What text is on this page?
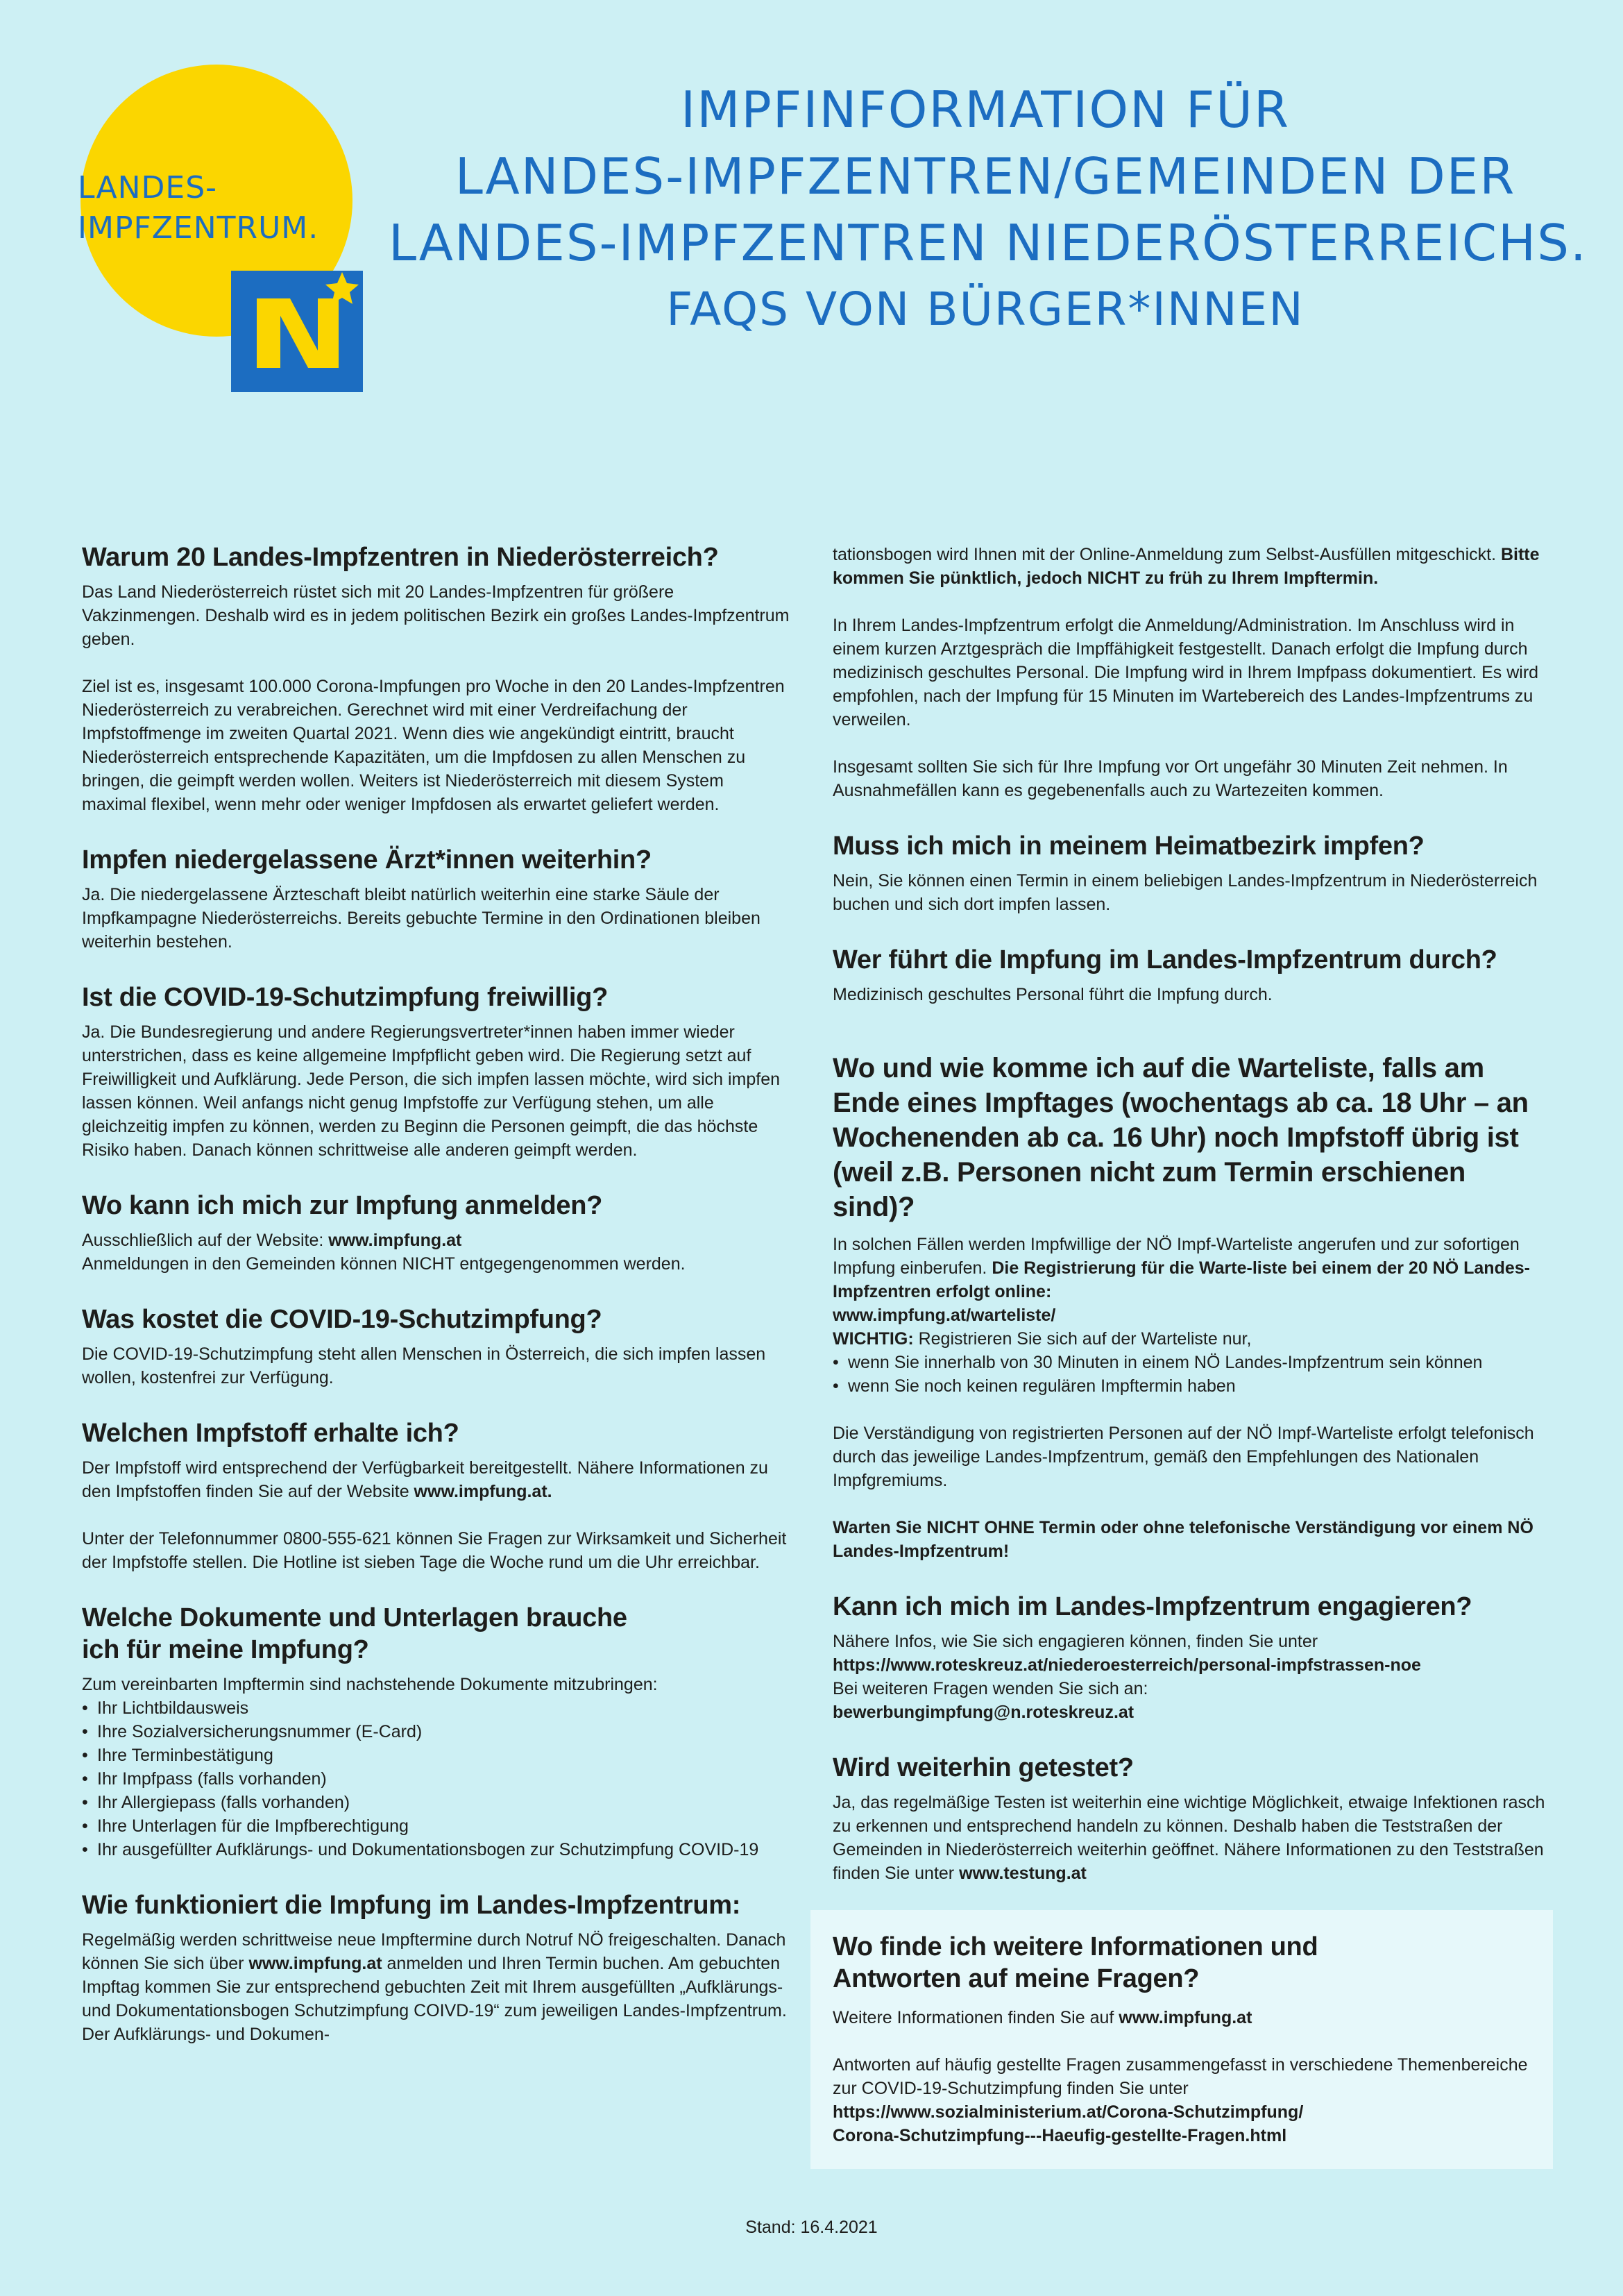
LANDES-
IMPFZENTRUM.
IMPFINFORMATION FÜR
LANDES-IMPFZENTREN/GEMEINDEN DER
LANDES-IMPFZENTREN NIEDERÖSTERREICHS.
FAQS VON BÜRGER*INNEN
Warum 20 Landes-Impfzentren in Niederösterreich?

Das Land Niederösterreich rüstet sich mit 20 Landes-Impfzentren für größere Vakzinmengen. Deshalb wird es in jedem politischen Bezirk ein großes Landes-Impfzentrum geben.

Ziel ist es, insgesamt 100.000 Corona-Impfungen pro Woche in den 20 Landes-Impfzentren Niederösterreich zu verabreichen. Gerechnet wird mit einer Verdreifachung der Impfstoffmenge im zweiten Quartal 2021. Wenn dies wie angekündigt eintritt, braucht Niederösterreich entsprechende Kapazitäten, um die Impfdosen zu allen Menschen zu bringen, die geimpft werden wollen. Weiters ist Niederösterreich mit diesem System maximal flexibel, wenn mehr oder weniger Impfdosen als erwartet geliefert werden.

Impfen niedergelassene Ärzt*innen weiterhin?

Ja. Die niedergelassene Ärzteschaft bleibt natürlich weiterhin eine starke Säule der Impfkampagne Niederösterreichs. Bereits gebuchte Termine in den Ordinationen bleiben weiterhin bestehen.

Ist die COVID-19-Schutzimpfung freiwillig?

Ja. Die Bundesregierung und andere Regierungsvertreter*innen haben immer wieder unterstrichen, dass es keine allgemeine Impfpflicht geben wird. Die Regierung setzt auf Freiwilligkeit und Aufklärung. Jede Person, die sich impfen lassen möchte, wird sich impfen lassen können. Weil anfangs nicht genug Impfstoffe zur Verfügung stehen, um alle gleichzeitig impfen zu können, werden zu Beginn die Personen geimpft, die das höchste Risiko haben. Danach können schrittweise alle anderen geimpft werden.

Wo kann ich mich zur Impfung anmelden?

Ausschließlich auf der Website: www.impfung.at

Anmeldungen in den Gemeinden können NICHT entgegengenommen werden.

Was kostet die COVID-19-Schutzimpfung?

Die COVID-19-Schutzimpfung steht allen Menschen in Österreich, die sich impfen lassen wollen, kostenfrei zur Verfügung.

Welchen Impfstoff erhalte ich?

Der Impfstoff wird entsprechend der Verfügbarkeit bereitgestellt. Nähere Informationen zu den Impfstoffen finden Sie auf der Website www.impfung.at.

Unter der Telefonnummer 0800-555-621 können Sie Fragen zur Wirksamkeit und Sicherheit der Impfstoffe stellen. Die Hotline ist sieben Tage die Woche rund um die Uhr erreichbar.

Welche Dokumente und Unterlagen brauche
ich für meine Impfung?

Zum vereinbarten Impftermin sind nachstehende Dokumente mitzubringen:

• Ihr Lichtbildausweis
• Ihre Sozialversicherungsnummer (E-Card)
• Ihre Terminbestätigung
• Ihr Impfpass (falls vorhanden)
• Ihr Allergiepass (falls vorhanden)
• Ihre Unterlagen für die Impfberechtigung
• Ihr ausgefüllter Aufklärungs- und Dokumentationsbogen zur Schutzimpfung COVID-19
Wie funktioniert die Impfung im Landes-Impfzentrum:

Regelmäßig werden schrittweise neue Impftermine durch Notruf NÖ freigeschalten. Danach können Sie sich über www.impfung.at anmelden und Ihren Termin buchen. Am gebuchten Impftag kommen Sie zur entsprechend gebuchten Zeit mit Ihrem ausgefüllten „Aufklärungs- und Dokumentationsbogen Schutzimpfung COIVD-19“ zum jeweiligen Landes-Impfzentrum. Der Aufklärungs- und Dokumen-

tationsbogen wird Ihnen mit der Online-Anmeldung zum Selbst-Ausfüllen mitgeschickt. Bitte kommen Sie pünktlich, jedoch NICHT zu früh zu Ihrem Impftermin.

In Ihrem Landes-Impfzentrum erfolgt die Anmeldung/Administration. Im Anschluss wird in einem kurzen Arztgespräch die Impffähigkeit festgestellt. Danach erfolgt die Impfung durch medizinisch geschultes Personal. Die Impfung wird in Ihrem Impfpass dokumentiert. Es wird empfohlen, nach der Impfung für 15 Minuten im Wartebereich des Landes-Impfzentrums zu verweilen.

Insgesamt sollten Sie sich für Ihre Impfung vor Ort ungefähr 30 Minuten Zeit nehmen. In Ausnahmefällen kann es gegebenenfalls auch zu Wartezeiten kommen.

Muss ich mich in meinem Heimatbezirk impfen?

Nein, Sie können einen Termin in einem beliebigen Landes-Impfzentrum in Niederösterreich buchen und sich dort impfen lassen.

Wer führt die Impfung im Landes-Impfzentrum durch?

Medizinisch geschultes Personal führt die Impfung durch.

Wo und wie komme ich auf die Warteliste, falls am Ende eines Impftages (wochentags ab ca. 18 Uhr – an Wochenenden ab ca. 16 Uhr) noch Impfstoff übrig ist (weil z.B. Personen nicht zum Termin erschienen sind)?

In solchen Fällen werden Impfwillige der NÖ Impf-Warteliste angerufen und zur sofortigen Impfung einberufen. Die Registrierung für die Warte-liste bei einem der 20 NÖ Landes-Impfzentren erfolgt online:

www.impfung.at/warteliste/

WICHTIG: Registrieren Sie sich auf der Warteliste nur,

• wenn Sie innerhalb von 30 Minuten in einem NÖ Landes-Impfzentrum sein können
• wenn Sie noch keinen regulären Impftermin haben

Die Verständigung von registrierten Personen auf der NÖ Impf-Warteliste erfolgt telefonisch durch das jeweilige Landes-Impfzentrum, gemäß den Empfehlungen des Nationalen Impfgremiums.

Warten Sie NICHT OHNE Termin oder ohne telefonische Verständigung vor einem NÖ Landes-Impfzentrum!

Kann ich mich im Landes-Impfzentrum engagieren?

Nähere Infos, wie Sie sich engagieren können, finden Sie unter

https://www.roteskreuz.at/niederoesterreich/personal-impfstrassen-noe

Bei weiteren Fragen wenden Sie sich an:

bewerbungimpfung@n.roteskreuz.at

Wird weiterhin getestet?

Ja, das regelmäßige Testen ist weiterhin eine wichtige Möglichkeit, etwaige Infektionen rasch zu erkennen und entsprechend handeln zu können. Deshalb haben die Teststraßen der Gemeinden in Niederösterreich weiterhin geöffnet. Nähere Informationen zu den Teststraßen finden Sie unter www.testung.at

Wo finde ich weitere Informationen und
Antworten auf meine Fragen?

Weitere Informationen finden Sie auf www.impfung.at

Antworten auf häufig gestellte Fragen zusammengefasst in verschiedene Themenbereiche zur COVID-19-Schutzimpfung finden Sie unter

https://www.sozialministerium.at/Corona-Schutzimpfung/
Corona-Schutzimpfung---Haeufig-gestellte-Fragen.html

Stand: 16.4.2021
